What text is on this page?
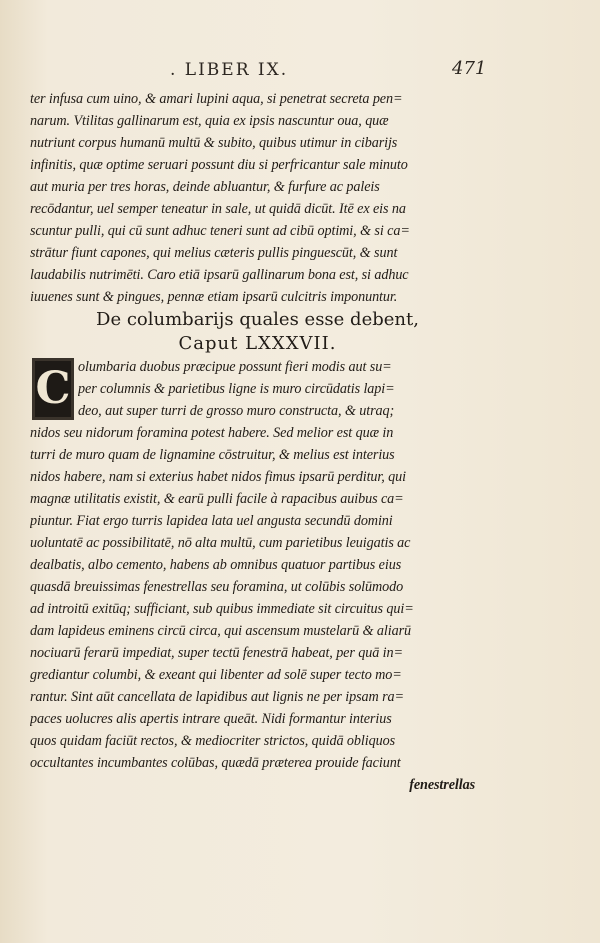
. LIBER IX.	471
ter infusa cum uino, & amari lupini aqua, si penetrat secreta pen=
narum. Vtilitas gallinarum est, quia ex ipsis nascuntur oua, quæ
nutriunt corpus humanū multū & subito, quibus utimur in cibarijs
infinitis, quæ optime seruari possunt diu si perfricantur sale minuto
aut muria per tres horas, deinde abluantur, & furfure ac paleis
recōdantur, uel semper teneatur in sale, ut quidā dicūt. Itē ex eis na
scuntur pulli, qui cū sunt adhuc teneri sunt ad cibū optimi, & si ca=
strātur fiunt capones, qui melius cæteris pullis pinguescūt, & sunt
laudabilis nutrimēti. Caro etiā ipsarū gallinarum bona est, si adhuc
iuuenes sunt & pingues, pennæ etiam ipsarū culcitris imponuntur.
De columbarijs quales esse debent,
Caput LXXXVII.
C olumbaria duobus præcipue possunt fieri modis aut su=
per columnis & parietibus ligne is muro circūdatis lapi=
deo, aut super turri de grosso muro constructa, & utraq;
nidos seu nidorum foramina potest habere. Sed melior est quæ in
turri de muro quam de lignamine cōstruitur, & melius est interius
nidos habere, nam si exterius habet nidos fimus ipsarū perditur, qui
magnæ utilitatis existit, & earū pulli facile à rapacibus auibus ca=
piuntur. Fiat ergo turris lapidea lata uel angusta secundū domini
uoluntatē ac possibilitatē, nō alta multū, cum parietibus leuigatis ac
dealbatis, albo cemento, habens ab omnibus quatuor partibus eius
quasdā breuissimas fenestrellas seu foramina, ut colūbis solūmodo
ad introitū exitūq; sufficiant, sub quibus immediate sit circuitus qui=
dam lapideus eminens circū circa, qui ascensum mustelarū & aliarū
nociuarū ferarū impediat, super tectū fenestrā habeat, per quā in=
grediantur columbi, & exeant qui libenter ad solē super tecto mo=
rantur. Sint aūt cancellata de lapidibus aut lignis ne per ipsam ra=
paces uolucres alis apertis intrare queāt. Nidi formantur interius
quos quidam faciūt rectos, & mediocriter strictos, quidā obliquos
occultantes incumbantes colūbas, quædā præterea prouide faciunt
fenestrellas
